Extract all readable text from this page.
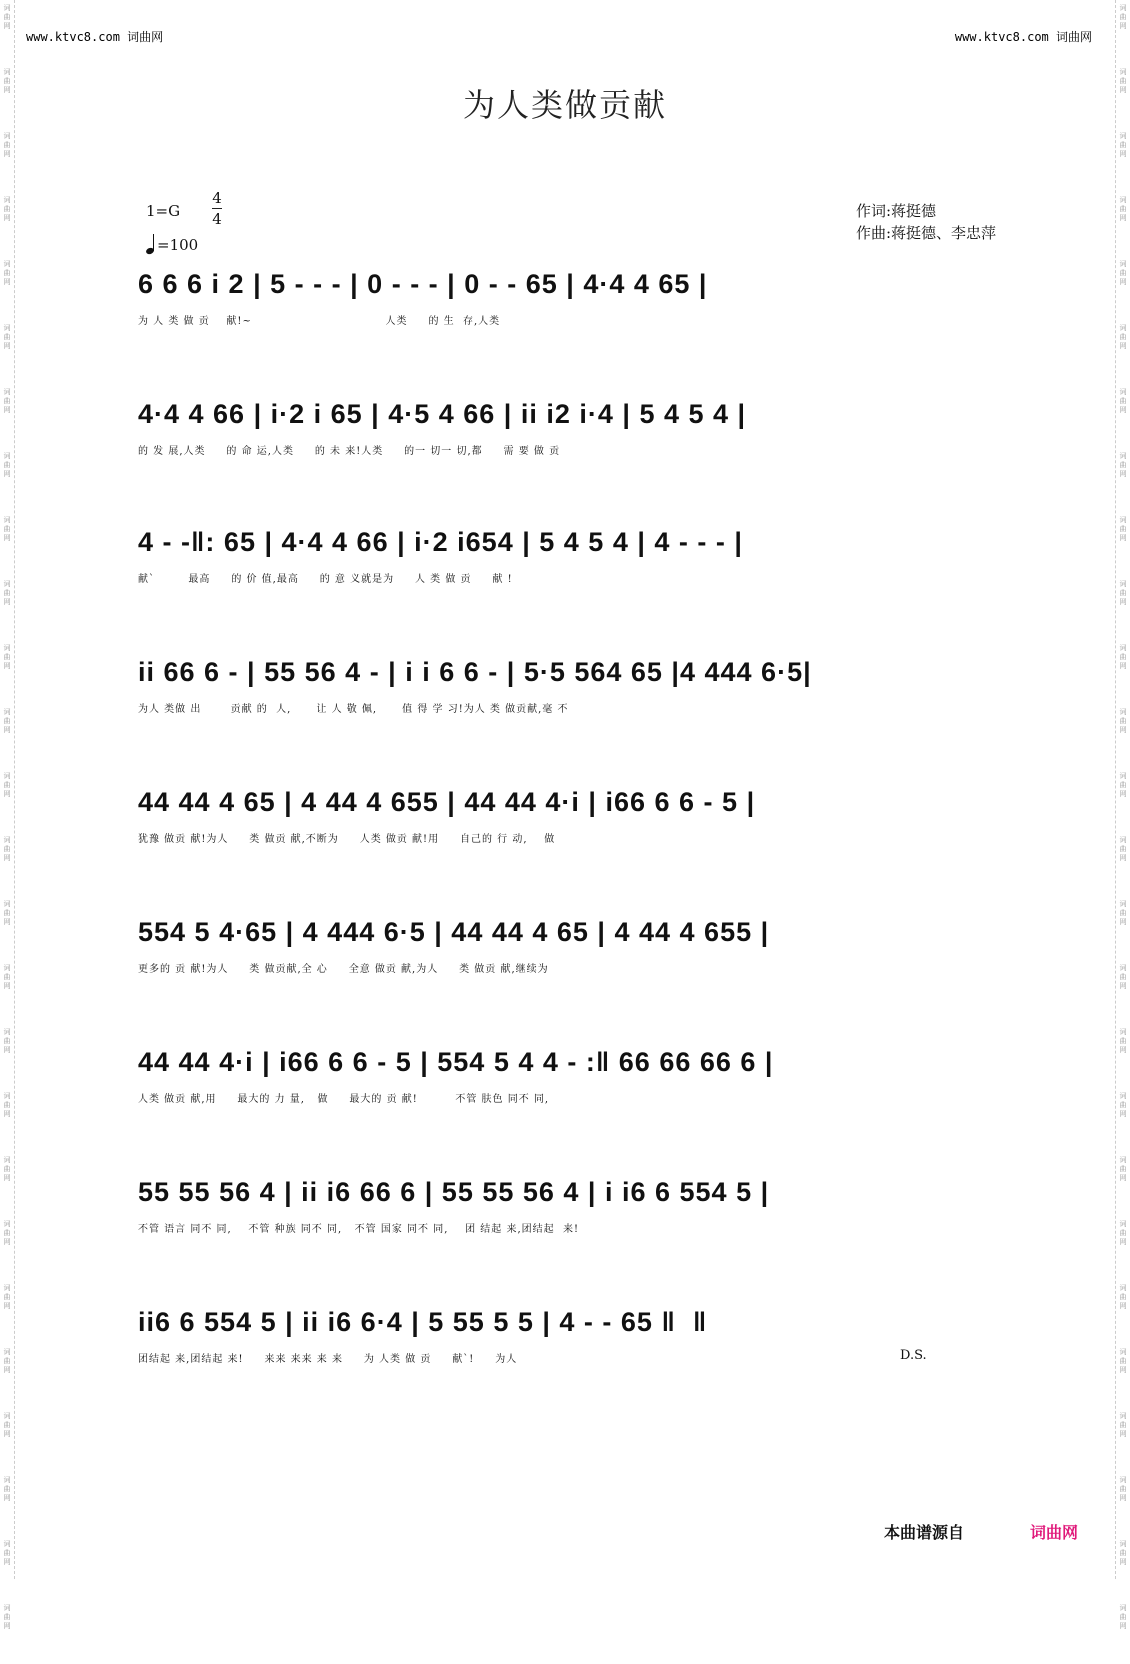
词
曲
网
词
曲
网
词
曲
网
词
曲
网
词
曲
网
词
曲
网
词
曲
网
词
曲
网
词
曲
网
词
曲
网
词
曲
网
词
曲
网
词
曲
网
词
曲
网
词
曲
网
词
曲
网
词
曲
网
词
曲
网
词
曲
网
词
曲
网
词
曲
网
词
曲
网
词
曲
网
词
曲
网
词
曲
网
词
曲
网
词
曲
网
词
曲
网
词
曲
网
词
曲
网
词
曲
网
词
曲
网
词
曲
网
词
曲
网
词
曲
网
词
曲
网
词
曲
网
词
曲
网
词
曲
网
词
曲
网
词
曲
网
词
曲
网
词
曲
网
词
曲
网
词
曲
网
词
曲
网
词
曲
网
词
曲
网
词
曲
网
词
曲
网
词
曲
网
词
曲
网
www.ktvc8.com 词曲网	www.ktvc8.com 词曲网
为人类做贡献
1=G
4
4
=100
作词:蒋挺德
作曲:蒋挺德、李忠萍
6 6 6 i 2 | 5 - - - | 0 - - - | 0 - - 65 | 4·4 4 65 |
为 人 类 做 贡    献!~                                人类     的 生  存,人类
4·4 4 66 | i·2 i 65 | 4·5 4 66 | ii i2 i·4 | 5 4 5 4 |
的 发 展,人类     的 命 运,人类     的 未 来!人类     的一 切一 切,都     需 要 做 贡
4 - -‖: 65 | 4·4 4 66 | i·2 i654 | 5 4 5 4 | 4 - - - |
献`        最高     的 价 值,最高     的 意 义就是为     人 类 做 贡     献 !
ii 66 6 - | 55 56 4 - | i i 6 6 - | 5·5 564 65 |4 444 6·5|
为人 类做 出       贡献 的  人,      让 人 敬 佩,      值 得 学 习!为人 类 做贡献,毫 不
44 44 4 65 | 4 44 4 655 | 44 44 4·i | i66 6 6 - 5 |
犹豫 做贡 献!为人     类 做贡 献,不断为     人类 做贡 献!用     自己的 行 动,    做
554 5 4·65 | 4 444 6·5 | 44 44 4 65 | 4 44 4 655 |
更多的 贡 献!为人     类 做贡献,全 心     全意 做贡 献,为人     类 做贡 献,继续为
44 44 4·i | i66 6 6 - 5 | 554 5 4 4 - :‖ 66 66 66 6 |
人类 做贡 献,用     最大的 力 量,   做     最大的 贡 献!         不管 肤色 同不 同,
55 55 56 4 | ii i6 66 6 | 55 55 56 4 | i i6 6 554 5 |
不管 语言 同不 同,    不管 种族 同不 同,   不管 国家 同不 同,    团 结起 来,团结起  来!
ii6 6 554 5 | ii i6 6·4 | 5 55 5 5 | 4 - - 65 ‖  ‖
团结起 来,团结起 来!     来来 来来 来 来     为 人类 做 贡     献`!     为人	D.S.
本曲谱源自	词曲网
